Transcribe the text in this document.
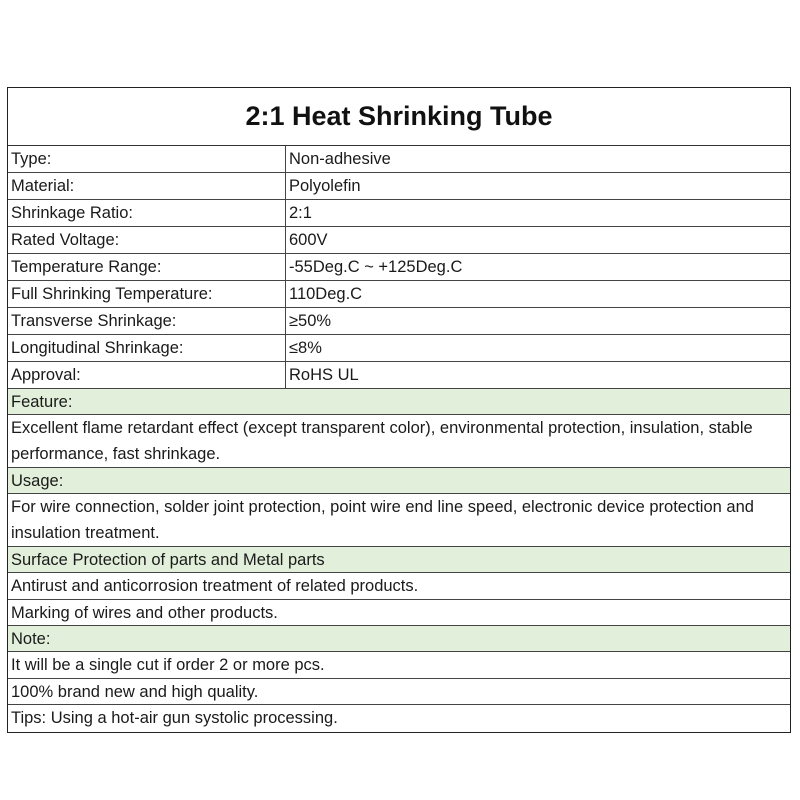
2:1 Heat Shrinking Tube
Type:	Non-adhesive
Material:	Polyolefin
Shrinkage Ratio:	2:1
Rated Voltage:	600V
Temperature Range:	-55Deg.C ~ +125Deg.C
Full Shrinking Temperature:	110Deg.C
Transverse Shrinkage:	≥50%
Longitudinal Shrinkage:	≤8%
Approval:	RoHS UL
Feature:
Excellent flame retardant effect (except transparent color), environmental protection, insulation, stable performance, fast shrinkage.
Usage:
For wire connection, solder joint protection, point wire end line speed, electronic device protection and insulation treatment.
Surface Protection of parts and Metal parts
Antirust and anticorrosion treatment of related products.
Marking of wires and other products.
Note:
It will be a single cut if order 2 or more pcs.
100% brand new and high quality.
Tips: Using a hot-air gun systolic processing.
